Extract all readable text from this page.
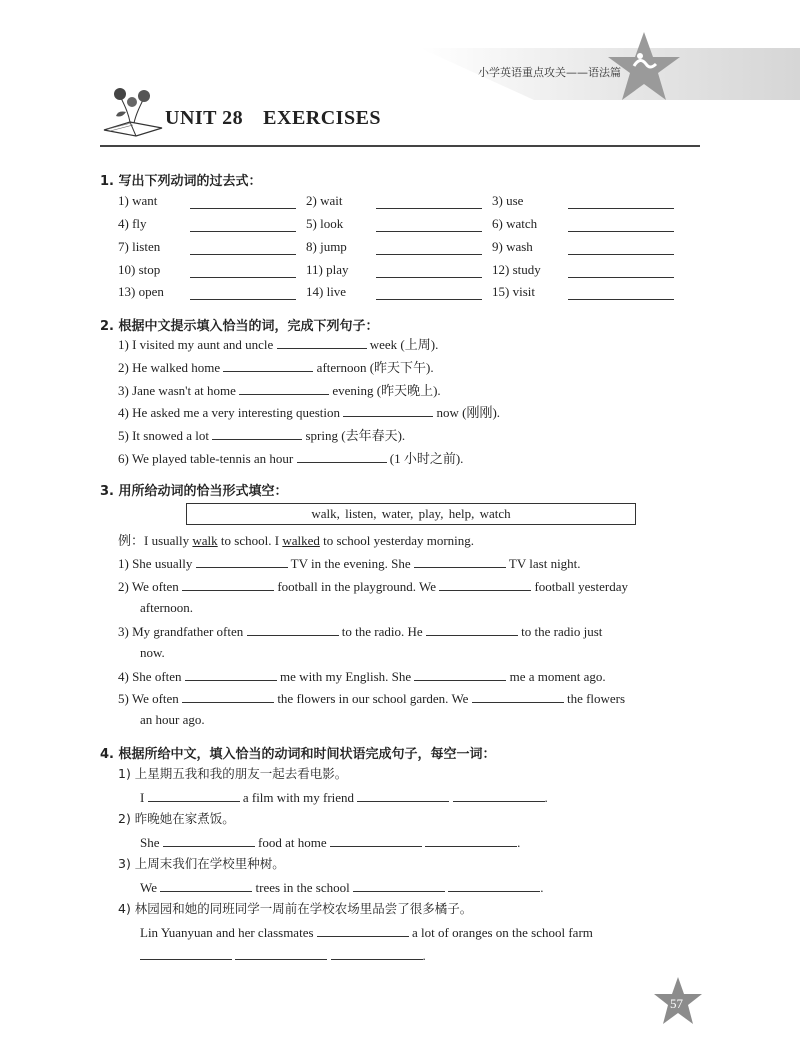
小学英语重点攻关——语法篇
UNIT 28 EXERCISES
1. 写出下列动词的过去式：
1) want	2) wait	3) use
4) fly	5) look	6) watch
7) listen	8) jump	9) wash
10) stop	11) play	12) study
13) open	14) live	15) visit
2. 根据中文提示填入恰当的词，完成下列句子：
1) I visited my aunt and uncle	week (上周).
2) He walked home	afternoon (昨天下午).
3) Jane wasn't at home	evening (昨天晚上).
4) He asked me a very interesting question	now (刚刚).
5) It snowed a lot	spring (去年春天).
6) We played table-tennis an hour	(1 小时之前).
3. 用所给动词的恰当形式填空：
walk, listen, water, play, help, watch
例：I usually walk to school. I walked to school yesterday morning.
1) She usually	TV in the evening. She	TV last night.
2) We often	football in the playground. We	football yesterday
afternoon.
3) My grandfather often	to the radio. He	to the radio just
now.
4) She often	me with my English. She	me a moment ago.
5) We often	the flowers in our school garden. We	the flowers
an hour ago.
4. 根据所给中文，填入恰当的动词和时间状语完成句子，每空一词：
1) 上星期五我和我的朋友一起去看电影。
I	a film with my friend	.
2) 昨晚她在家煮饭。
She	food at home	.
3) 上周末我们在学校里种树。
We	trees in the school	.
4) 林园园和她的同班同学一周前在学校农场里品尝了很多橘子。
Lin Yuanyuan and her classmates	a lot of oranges on the school farm
.
57
